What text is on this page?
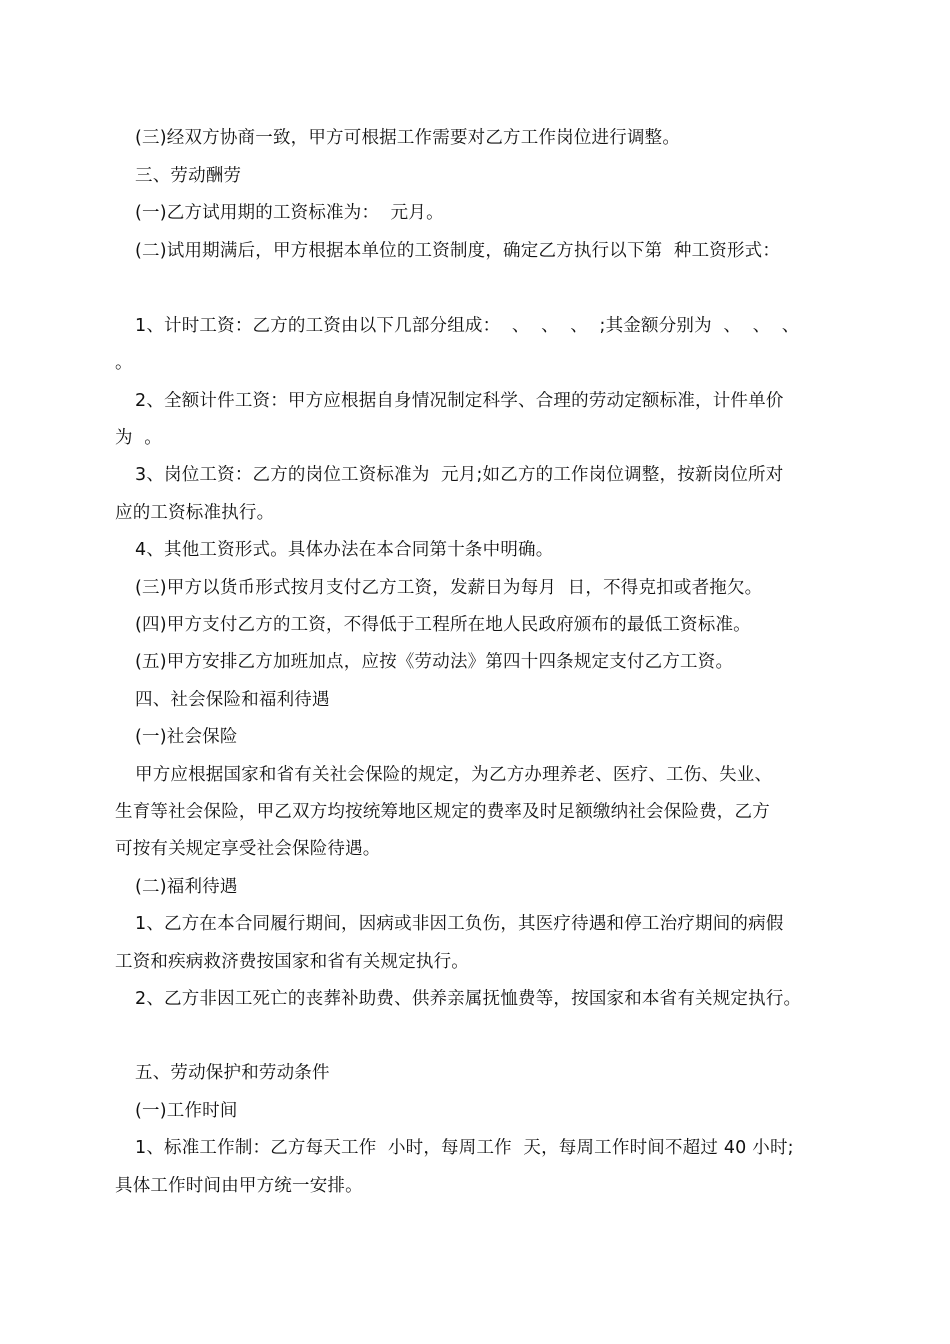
(三)经双方协商一致，甲方可根据工作需要对乙方工作岗位进行调整。
三、劳动酬劳
(一)乙方试用期的工资标准为：  元月。
(二)试用期满后，甲方根据本单位的工资制度，确定乙方执行以下第  种工资形式：
1、计时工资：乙方的工资由以下几部分组成：  、  、  、  ;其金额分别为  、  、  、
。
2、全额计件工资：甲方应根据自身情况制定科学、合理的劳动定额标准，计件单价
为  。
3、岗位工资：乙方的岗位工资标准为  元月;如乙方的工作岗位调整，按新岗位所对
应的工资标准执行。
4、其他工资形式。具体办法在本合同第十条中明确。
(三)甲方以货币形式按月支付乙方工资，发薪日为每月  日，不得克扣或者拖欠。
(四)甲方支付乙方的工资，不得低于工程所在地人民政府颁布的最低工资标准。
(五)甲方安排乙方加班加点，应按《劳动法》第四十四条规定支付乙方工资。
四、社会保险和福利待遇
(一)社会保险
甲方应根据国家和省有关社会保险的规定，为乙方办理养老、医疗、工伤、失业、
生育等社会保险，甲乙双方均按统筹地区规定的费率及时足额缴纳社会保险费，乙方
可按有关规定享受社会保险待遇。
(二)福利待遇
1、乙方在本合同履行期间，因病或非因工负伤，其医疗待遇和停工治疗期间的病假
工资和疾病救济费按国家和省有关规定执行。
2、乙方非因工死亡的丧葬补助费、供养亲属抚恤费等，按国家和本省有关规定执行。
五、劳动保护和劳动条件
(一)工作时间
1、标准工作制：乙方每天工作  小时，每周工作  天，每周工作时间不超过 40 小时;
具体工作时间由甲方统一安排。
